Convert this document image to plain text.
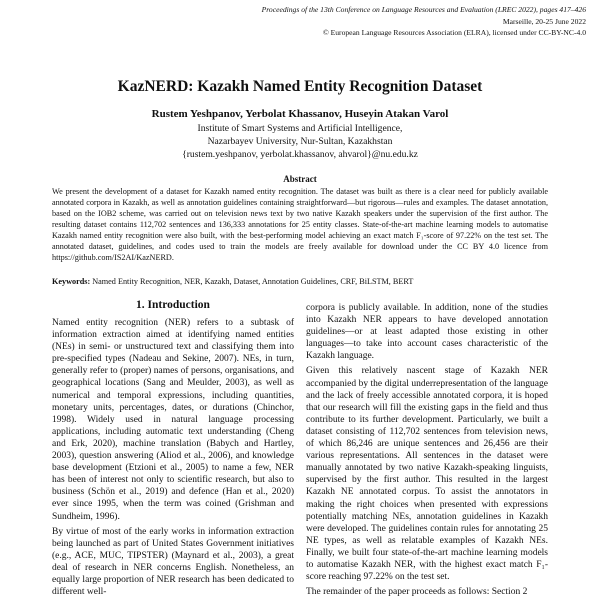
Proceedings of the 13th Conference on Language Resources and Evaluation (LREC 2022), pages 417–426
Marseille, 20-25 June 2022
© European Language Resources Association (ELRA), licensed under CC-BY-NC-4.0
KazNERD: Kazakh Named Entity Recognition Dataset
Rustem Yeshpanov, Yerbolat Khassanov, Huseyin Atakan Varol
Institute of Smart Systems and Artificial Intelligence,
Nazarbayev University, Nur-Sultan, Kazakhstan
{rustem.yeshpanov, yerbolat.khassanov, ahvarol}@nu.edu.kz
Abstract

We present the development of a dataset for Kazakh named entity recognition. The dataset was built as there is a clear need for publicly available annotated corpora in Kazakh, as well as annotation guidelines containing straightforward—but rigorous—rules and examples. The dataset annotation, based on the IOB2 scheme, was carried out on television news text by two native Kazakh speakers under the supervision of the first author. The resulting dataset contains 112,702 sentences and 136,333 annotations for 25 entity classes. State-of-the-art machine learning models to automatise Kazakh named entity recognition were also built, with the best-performing model achieving an exact match F₁-score of 97.22% on the test set. The annotated dataset, guidelines, and codes used to train the models are freely available for download under the CC BY 4.0 licence from https://github.com/IS2AI/KazNERD.

Keywords: Named Entity Recognition, NER, Kazakh, Dataset, Annotation Guidelines, CRF, BiLSTM, BERT

1. Introduction

Named entity recognition (NER) refers to a subtask of information extraction aimed at identifying named entities (NEs) in semi- or unstructured text and classifying them into pre-specified types (Nadeau and Sekine, 2007). NEs, in turn, generally refer to (proper) names of persons, organisations, and geographical locations (Sang and Meulder, 2003), as well as numerical and temporal expressions, including quantities, monetary units, percentages, dates, or durations (Chinchor, 1998). Widely used in natural language processing applications, including automatic text understanding (Cheng and Erk, 2020), machine translation (Babych and Hartley, 2003), question answering (Aliod et al., 2006), and knowledge base development (Etzioni et al., 2005) to name a few, NER has been of interest not only to scientific research, but also to business (Schön et al., 2019) and defence (Han et al., 2020) ever since 1995, when the term was coined (Grishman and Sundheim, 1996).

By virtue of most of the early works in information extraction being launched as part of United States Government initiatives (e.g., ACE, MUC, TIPSTER) (Maynard et al., 2003), a great deal of research in NER concerns English. Nonetheless, an equally large proportion of NER research has been dedicated to different well-

corpora is publicly available. In addition, none of the studies into Kazakh NER appears to have developed annotation guidelines—or at least adapted those existing in other languages—to take into account cases characteristic of the Kazakh language.

Given this relatively nascent stage of Kazakh NER accompanied by the digital underrepresentation of the language and the lack of freely accessible annotated corpora, it is hoped that our research will fill the existing gaps in the field and thus contribute to its further development. Particularly, we built a dataset consisting of 112,702 sentences from television news, of which 86,246 are unique sentences and 26,456 are their various representations. All sentences in the dataset were manually annotated by two native Kazakh-speaking linguists, supervised by the first author. This resulted in the largest Kazakh NE annotated corpus. To assist the annotators in making the right choices when presented with expressions potentially matching NEs, annotation guidelines in Kazakh were developed. The guidelines contain rules for annotating 25 NE types, as well as relatable examples of Kazakh NEs. Finally, we built four state-of-the-art machine learning models to automatise Kazakh NER, with the highest exact match F₁-score reaching 97.22% on the test set.

The remainder of the paper proceeds as follows: Section 2
